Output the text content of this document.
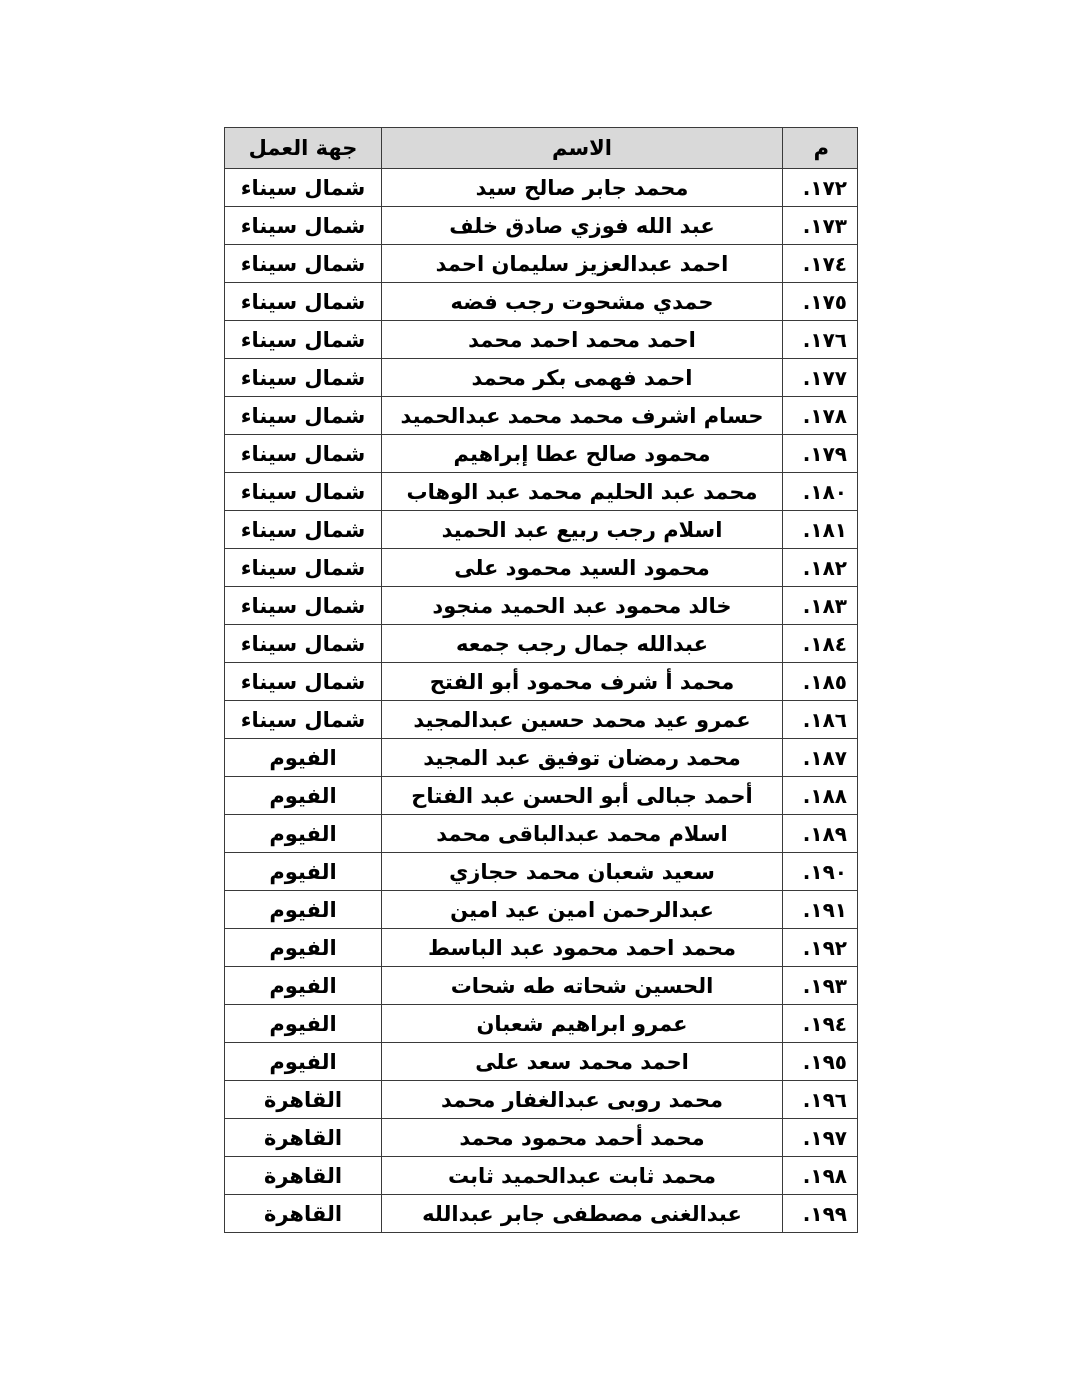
م	الاسم	جهة العمل
١٧٢.	محمد جابر صالح سيد	شمال سيناء
١٧٣.	عبد الله فوزي صادق خلف	شمال سيناء
١٧٤.	احمد عبدالعزيز سليمان احمد	شمال سيناء
١٧٥.	حمدي مشحوت رجب فضه	شمال سيناء
١٧٦.	احمد محمد احمد محمد	شمال سيناء
١٧٧.	احمد فهمى بكر محمد	شمال سيناء
١٧٨.	حسام اشرف محمد محمد عبدالحميد	شمال سيناء
١٧٩.	محمود صالح عطا إبراهيم	شمال سيناء
١٨٠.	محمد عبد الحليم محمد عبد الوهاب	شمال سيناء
١٨١.	اسلام رجب ربيع عبد الحميد	شمال سيناء
١٨٢.	محمود السيد محمود على	شمال سيناء
١٨٣.	خالد محمود عبد الحميد منجود	شمال سيناء
١٨٤.	عبدالله جمال رجب جمعه	شمال سيناء
١٨٥.	محمد أ شرف محمود أبو الفتح	شمال سيناء
١٨٦.	عمرو عيد محمد حسين عبدالمجيد	شمال سيناء
١٨٧.	محمد رمضان توفيق عبد المجيد	الفيوم
١٨٨.	أحمد جبالى أبو الحسن عبد الفتاح	الفيوم
١٨٩.	اسلام محمد عبدالباقى محمد	الفيوم
١٩٠.	سعيد شعبان محمد حجازي	الفيوم
١٩١.	عبدالرحمن امين عيد امين	الفيوم
١٩٢.	محمد احمد محمود عبد الباسط	الفيوم
١٩٣.	الحسين شحاته طه شحات	الفيوم
١٩٤.	عمرو ابراهيم شعبان	الفيوم
١٩٥.	احمد محمد سعد على	الفيوم
١٩٦.	محمد روبى عبدالغفار محمد	القاهرة
١٩٧.	محمد أحمد محمود محمد	القاهرة
١٩٨.	محمد ثابت عبدالحميد ثابت	القاهرة
١٩٩.	عبدالغنى مصطفى جابر عبدالله	القاهرة
